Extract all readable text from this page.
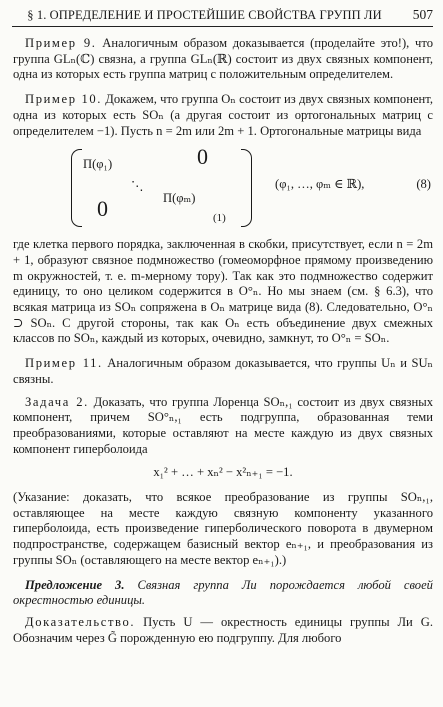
§ 1. ОПРЕДЕЛЕНИЕ И ПРОСТЕЙШИЕ СВОЙСТВА ГРУПП ЛИ	507

Пример 9. Аналогичным образом доказывается (проделайте это!), что группа GLₙ(ℂ) связна, а группа GLₙ(ℝ) состоит из двух связных компонент, одна из которых есть группа матриц с положительным определителем.

Пример 10. Докажем, что группа Oₙ состоит из двух связных компонент, одна из которых есть SOₙ (а другая состоит из ортогональных матриц с определителем −1). Пусть n = 2m или 2m + 1. Ортогональные матрицы вида

Π(φ₁)	0
⋱
Π(φₘ)
0	(1)
(φ₁, …, φₘ ∈ ℝ),	(8)

где клетка первого порядка, заключенная в скобки, присутствует, если n = 2m + 1, образуют связное подмножество (гомеоморфное прямому произведению m окружностей, т. е. m-мерному тору). Так как это подмножество содержит единицу, то оно целиком содержится в O°ₙ. Но мы знаем (см. § 6.3), что всякая матрица из SOₙ сопряжена в Oₙ матрице вида (8). Следовательно, O°ₙ ⊃ SOₙ. С другой стороны, так как Oₙ есть объединение двух смежных классов по SOₙ, каждый из которых, очевидно, замкнут, то O°ₙ = SOₙ.

Пример 11. Аналогичным образом доказывается, что группы Uₙ и SUₙ связны.

Задача 2. Доказать, что группа Лоренца SOₙ,₁ состоит из двух связных компонент, причем SO°ₙ,₁ есть подгруппа, образованная теми преобразованиями, которые оставляют на месте каждую из двух связных компонент гиперболоида

x₁² + … + xₙ² − x²ₙ₊₁ = −1.

(Указание: доказать, что всякое преобразование из группы SOₙ,₁, оставляющее на месте каждую связную компоненту указанного гиперболоида, есть произведение гиперболического поворота в двумерном подпространстве, содержащем базисный вектор eₙ₊₁, и преобразования из группы SOₙ (оставляющего на месте вектор eₙ₊₁).)

Предложение 3. Связная группа Ли порождается любой своей окрестностью единицы.

Доказательство. Пусть U — окрестность единицы группы Ли G. Обозначим через G̃ порожденную ею подгруппу. Для любого
